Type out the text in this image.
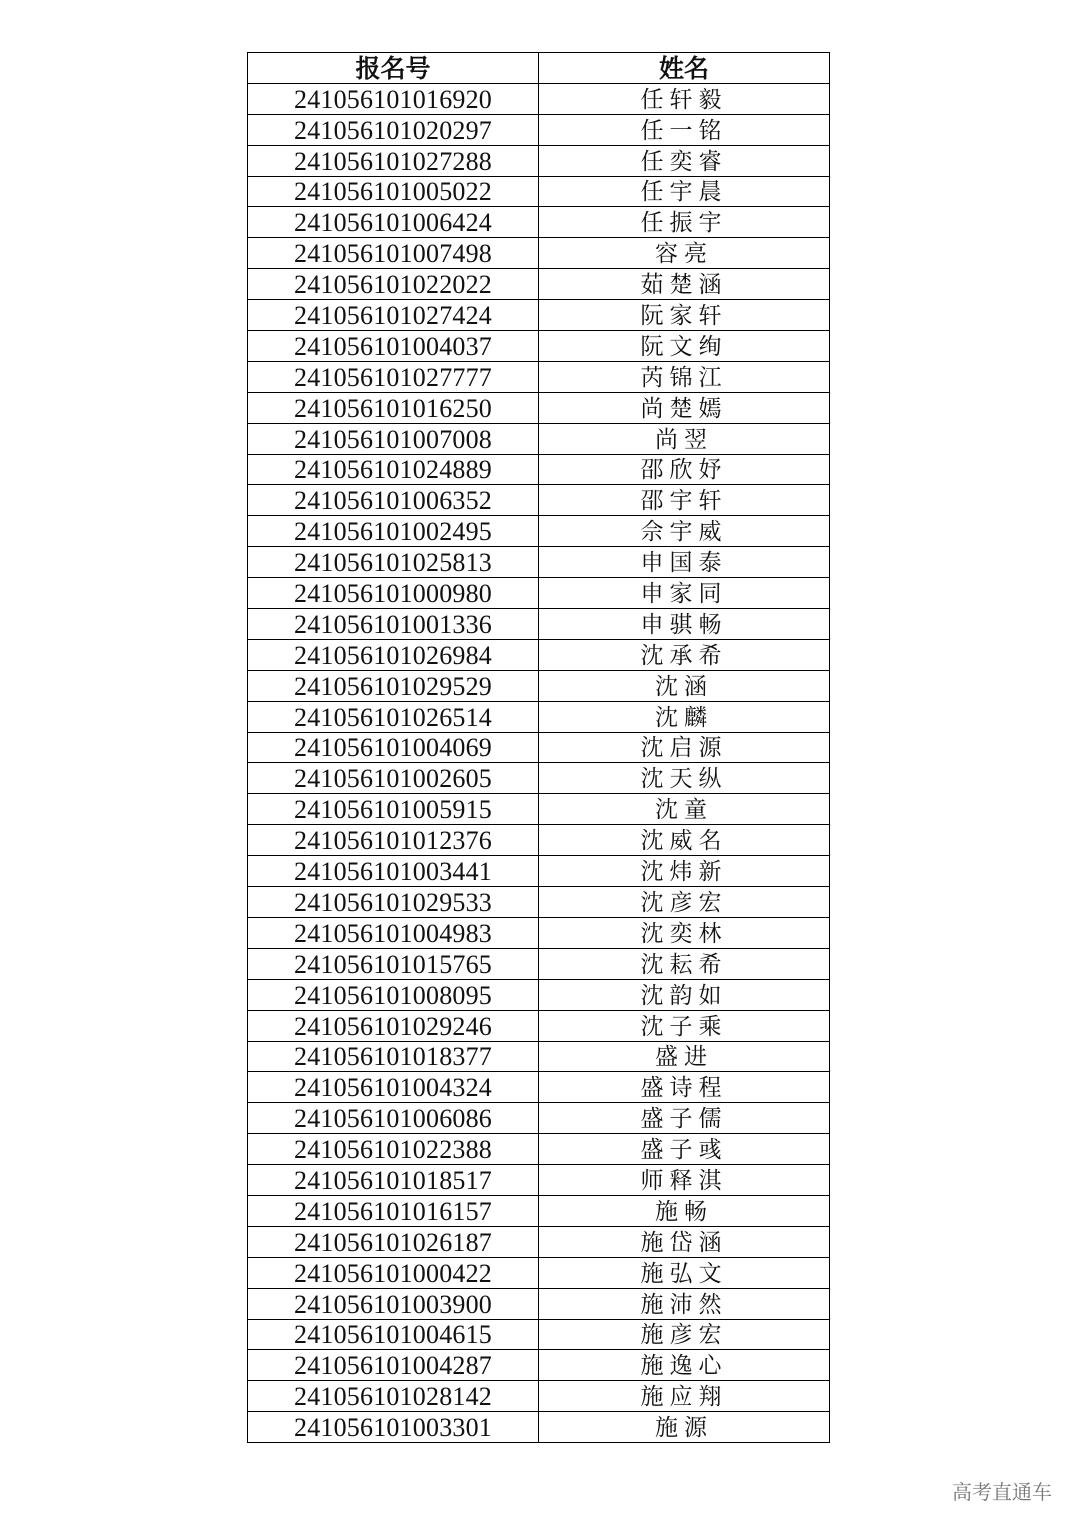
报名号	姓名
241056101016920	任轩毅
241056101020297	任一铭
241056101027288	任奕睿
241056101005022	任宇晨
241056101006424	任振宇
241056101007498	容亮
241056101022022	茹楚涵
241056101027424	阮家轩
241056101004037	阮文绚
241056101027777	芮锦江
241056101016250	尚楚嫣
241056101007008	尚翌
241056101024889	邵欣妤
241056101006352	邵宇轩
241056101002495	佘宇威
241056101025813	申国泰
241056101000980	申家同
241056101001336	申骐畅
241056101026984	沈承希
241056101029529	沈涵
241056101026514	沈麟
241056101004069	沈启源
241056101002605	沈天纵
241056101005915	沈童
241056101012376	沈威名
241056101003441	沈炜新
241056101029533	沈彦宏
241056101004983	沈奕林
241056101015765	沈耘希
241056101008095	沈韵如
241056101029246	沈子乘
241056101018377	盛进
241056101004324	盛诗程
241056101006086	盛子儒
241056101022388	盛子彧
241056101018517	师释淇
241056101016157	施畅
241056101026187	施岱涵
241056101000422	施弘文
241056101003900	施沛然
241056101004615	施彦宏
241056101004287	施逸心
241056101028142	施应翔
241056101003301	施源
高考直通车
